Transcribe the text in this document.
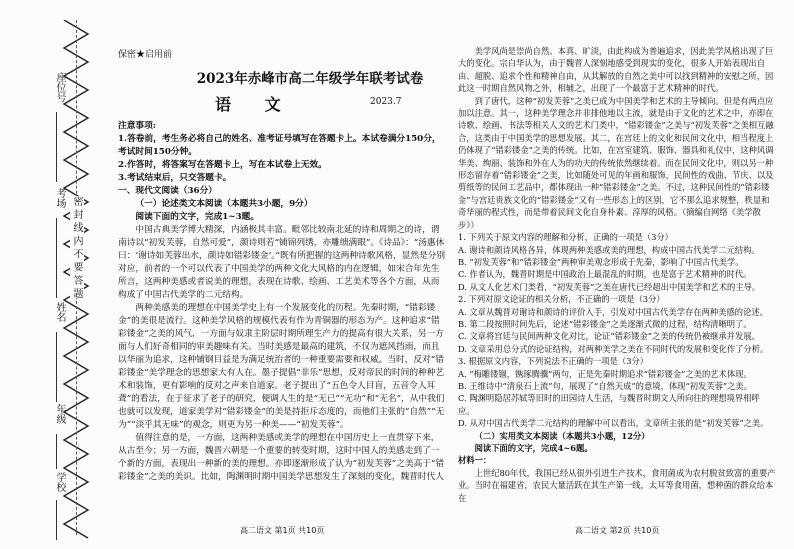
座位号
考场
姓名
年级
学校
密 封 线 内 不 要 答 题
保密★启用前
2023年赤峰市高二年级学年联考试卷
语 文	2023.7

注意事项:

1.答卷前，考生务必将自己的姓名、准考证号填写在答题卡上。本试卷满分150分，考试时间150分钟。

2.作答时，将答案写在答题卡上，写在本试卷上无效。

3.考试结束后，只交答题卡。

一、现代文阅读（36分）

（一）论述类文本阅读（本题共3小题，9分）

阅读下面的文字，完成1~3题。

中国古典美学博大精深，内涵极其丰富。毗邻比较南北延的诗和周期之的诗，谓南诗以“初发芙蓉，自然可爱”，颜诗则若“铺锦列绣，亦雕缋满眼”。《诗品》：“汤惠休曰：‘谢诗如芙蓉出水，颜诗如错彩镂金’。”既有所把握的这两种诗歌风格，显然是分别对应，前者的一个可以代表了中国美学的两种文化大风格的内在逻辑，如宋合年先生所言，这两种美感或者说美的理想，表现在诗歌、绘画、工艺美术等各个方面，从而构成了中国古代美学的二元结构。

两种美感美的理想在中国美学史上有一个发展变化的历程。先秦时期，“错彩镂金”的美很是流行。这种美学风格的规模代表有作为青铜器的形态为产。这种追求“错彩镂金”之美的风气，一方面与奴隶主阶层时期所理生产力的提高有很大关系，另一方面与人们好奇相同的审美趣味有关。当时美感是最高的建筑，不仅为遮风挡雨，而且以华丽为追求，这种铺钢目益是为满足统治者的一种重要需要和权威。当时，反对“错彩镂金”美学理念的思想家大有人在。墨子提倡“非乐”思想，反对帝民的时间的种种艺术和装饰，更有影响的反对之声来自道家。老子提出了“五色令人目盲，五音令人耳聋”的看法，在于征求了老子的研究，便调人生的是“无已”“无功”和“无名”，从中我们也就可以发现，道家美学对“错彩镂金”的美是持拒斥态度的，而他们主张的“自然”“无为”“淡乎其无味”的观念，则更为另一种美——“初发芙蓉”。

值得注意的是，一方面，这两种美感或美学的理想在中国历史上一直贯穿下来，从古至今；另一方面，魏晋六朝是一个重要的转变时期，这时中国人的美感走到了一个新的方面，表现出一种新的美的理想。亦即逐渐形成了认为“初发芙蓉”之美高于“错彩镂金”之美的美识。比如，陶渊明时期中国美学思想发生了深刻的变化，魏晋时代人

高二语文 第1页 共10页

美学风尚是崇尚自然、本真、旷淡，由此构成为普遍追求，因此美学风格出现了巨大的变化。宗白华认为，由于魏晋人深刻地感受到现实的变化，很多人开始表现出自由、超脱、追求个性和精神自由，从其解放的自然之美中可以找到精神的安慰之所，因此这一时期自然风物之外，相辅之，出现了一个最富于艺术精神的时代。

到了唐代，这种“初发芙蓉”之美已成为中国美学和艺术的主导倾向。但是有两点应加以注意。其一，这种美学理念并非排他地以主流，就是由于文化的艺术之中，亦即在诗歌、绘画、书法等相关人文的艺术门类中，“错彩镂金”之美与“初发芙蓉”之美相互融合，这类由于中国美学的思想发展。其二，在宫廷上的文化和民间文化中，相当程度上仍体现了“错彩镂金”之美的传统。比如，在宫室建筑、服饰、器具和礼仪中，这种风调华美、绚丽、装饰和外在人为的功夫的传统依然继续着。而在民间文化中，则以另一种形态留存着“错彩镂金”之美，比如随处可见的年画和服饰，民间性的戏曲、节庆、以及剪纸等的民间工艺品中，都体现出一种“错彩镂金”之美。不过，这种民间性的“错彩镂金”与宫廷贵族文化的“错彩镂金”又有一些形态上的区别，它不那么追求规整，秩显和奇华丽的程式性，而是带着民间文化自身朴素、淳厚的风格。（摘编自网络《美学散步》）

1. 下列关于原文内容的理解和分析，正确的一项是（3分）

A. 谢诗和颜诗风格各异，体现两种美感或美的理想，构成中国古代美学二元结构。

B. “初发芙蓉”和“错彩镂金”两种审美观念形成于先秦，影响了中国古代美学。

C. 作者认为，魏晋时期是中国政治上最混乱的时期，也是富于艺术精神的时代。

D. 从文人化艺术门类看，“初发芙蓉”之美在唐代已经超出中国美学和艺术的主导。

2. 下列对原文论证的相关分析，不正确的一项是（3分）

A. 文章从魏晋对谢诗和颜诗的评价入手，引发对中国古代美学存在两种美感的论述。

B. 第二段按照时间先后，论述“错彩镂金”之美逐渐式微的过程，结构清晰明了。

C. 文章将宫廷与民间两种文化对比，论证“错彩镂金”之美的传统仍被继承并发展。

D. 文章采用总分式的论证结构，对两种美学之美在不同时代的发展和变化作了分析。

3. 根据原文内容，下列说法不正确的一项是（3分）

A. “梅雕镂锢，镌琢腾骥”两句，正是先秦时期追求“错彩镂金”之美的艺术体现。

B. 王维诗中“清泉石上流”句，展现了“自然天成”的意境，体现“初发芙蓉”之美。

C. 陶渊明隐居苏轼等旧时的田园诗人生活，与魏晋时期文人所向往的理想境界相呼应。

D. 从对中国古代美学二元结构的理解中可以看出，文章所主张的是“初发芙蓉”之美。

（二）实用类文本阅读（本题共3小题，12分）

阅读下面的文字，完成4~6题。

材料一：

上世纪80年代，我国已经从很外引进生产技术，食用菌成为农村脱贫致富的重要产业。当时在福建省，农民大量活跃在其生产第一线，太耳等食用菌，想种菌的群众给本在

高二语文 第2页 共10页
